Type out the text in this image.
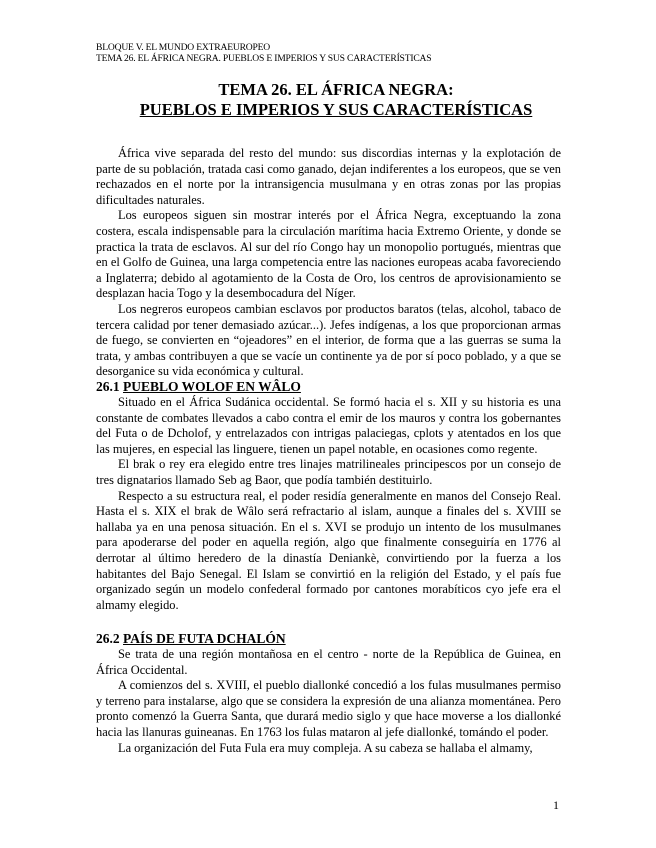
BLOQUE V. EL MUNDO EXTRAEUROPEO
TEMA 26. EL ÁFRICA NEGRA. PUEBLOS E IMPERIOS Y SUS CARACTERÍSTICAS
TEMA 26. EL ÁFRICA NEGRA:
PUEBLOS E IMPERIOS Y SUS CARACTERÍSTICAS

África vive separada del resto del mundo: sus discordias internas y la explotación de parte de su población, tratada casi como ganado, dejan indiferentes a los europeos, que se ven rechazados en el norte por la intransigencia musulmana y en otras zonas por las propias dificultades naturales.

Los europeos siguen sin mostrar interés por el África Negra, exceptuando la zona costera, escala indispensable para la circulación marítima hacia Extremo Oriente, y donde se practica la trata de esclavos. Al sur del río Congo hay un monopolio portugués, mientras que en el Golfo de Guinea, una larga competencia entre las naciones europeas acaba favoreciendo a Inglaterra; debido al agotamiento de la Costa de Oro, los centros de aprovisionamiento se desplazan hacia Togo y la desembocadura del Níger.

Los negreros europeos cambian esclavos por productos baratos (telas, alcohol, tabaco de tercera calidad por tener demasiado azúcar...). Jefes indígenas, a los que proporcionan armas de fuego, se convierten en “ojeadores” en el interior, de forma que a las guerras se suma la trata, y ambas contribuyen a que se vacíe un continente ya de por sí poco poblado, y a que se desorganice su vida económica y cultural.

26.1 PUEBLO WOLOF EN WÂLO

Situado en el África Sudánica occidental. Se formó hacia el s. XII y su historia es una constante de combates llevados a cabo contra el emir de los mauros y contra los gobernantes del Futa o de Dcholof, y entrelazados con intrigas palaciegas, cplots y atentados en los que las mujeres, en especial las linguere, tienen un papel notable, en ocasiones como regente.

El brak o rey era elegido entre tres linajes matrilineales principescos por un consejo de tres dignatarios llamado Seb ag Baor, que podía también destituirlo.

Respecto a su estructura real, el poder residía generalmente en manos del Consejo Real. Hasta el s. XIX el brak de Wâlo será refractario al islam, aunque a finales del s. XVIII se hallaba ya en una penosa situación. En el s. XVI se produjo un intento de los musulmanes para apoderarse del poder en aquella región, algo que finalmente conseguiría en 1776 al derrotar al último heredero de la dinastía Deniankè, convirtiendo por la fuerza a los habitantes del Bajo Senegal. El Islam se convirtió en la religión del Estado, y el país fue organizado según un modelo confederal formado por cantones morabíticos cyo jefe era el almamy elegido.

26.2 PAÍS DE FUTA DCHALÓN

Se trata de una región montañosa en el centro - norte de la República de Guinea, en África Occidental.

A comienzos del s. XVIII, el pueblo diallonké concedió a los fulas musulmanes permiso y terreno para instalarse, algo que se considera la expresión de una alianza momentánea. Pero pronto comenzó la Guerra Santa, que durará medio siglo y que hace moverse a los diallonké hacia las llanuras guineanas. En 1763 los fulas mataron al jefe diallonké, tomándo el poder.

La organización del Futa Fula era muy compleja. A su cabeza se hallaba el almamy,

1
